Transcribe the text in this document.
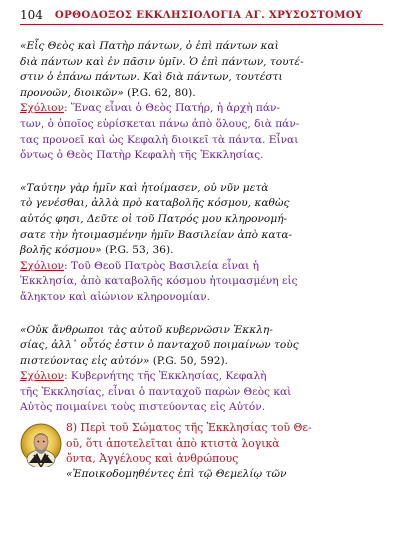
104 ΟΡΘΟΔΟΞΟΣ ΕΚΚΛΗΣΙΟΛΟΓΙΑ ΑΓ. ΧΡΥΣΟΣΤΟΜΟΥ

«Εἷς Θεὸς καὶ Πατὴρ πάντων, ὁ ἐπὶ πάντων καὶ
διὰ πάντων καὶ ἐν πᾶσιν ὑμῖν. Ὁ ἐπὶ πάντων, τουτέ-
στιν ὁ ἐπάνω πάντων. Καὶ διὰ πάντων, τουτέστι
προνοῶν, διοικῶν» (P.G. 62, 80).

Σχόλιον: Ἕνας εἶναι ὁ Θεὸς Πατήρ, ἡ ἀρχὴ πάν-
των, ὁ ὁποῖος εὑρίσκεται πάνω ἀπὸ ὅλους, διὰ πάν-
τας προνοεῖ καὶ ὡς Κεφαλὴ διοικεῖ τὰ πάντα. Εἶναι
ὄντως ὁ Θεὸς Πατὴρ Κεφαλὴ τῆς Ἐκκλησίας.

«Ταύτην γὰρ ἡμῖν καὶ ἡτοίμασεν, οὐ νῦν μετὰ
τὸ γενέσθαι, ἀλλὰ πρὸ καταβολῆς κόσμου, καθὼς
αὐτός φησι, Δεῦτε οἱ τοῦ Πατρός μου κληρονομή-
σατε τὴν ἡτοιμασμένην ἡμῖν Βασιλείαν ἀπὸ κατα-
βολῆς κόσμου» (P.G. 53, 36).

Σχόλιον: Τοῦ Θεοῦ Πατρὸς Βασιλεία εἶναι ἡ
Ἐκκλησία, ἀπὸ καταβολῆς κόσμου ἡτοιμασμένη εἰς
ἄληκτον καὶ αἰώνιον κληρονομίαν.

«Οὐκ ἄνθρωποι τὰς αὐτοῦ κυβερνῶσιν Ἐκκλη-
σίας, ἀλλ᾿ οὗτός ἐστιν ὁ πανταχοῦ ποιμαίνων τοὺς
πιστεύοντας εἰς αὐτόν» (P.G. 50, 592).

Σχόλιον: Κυβερνήτης τῆς Ἐκκλησίας, Κεφαλὴ
τῆς Ἐκκλησίας, εἶναι ὁ πανταχοῦ παρὼν Θεὸς καὶ
Αὐτὸς ποιμαίνει τοὺς πιστεύοντας εἰς Αὐτόν.

8) Περὶ τοῦ Σώματος τῆς Ἐκκλησίας τοῦ Θε-
οῦ, ὅτι ἀποτελεῖται ἀπὸ κτιστὰ λογικὰ
ὄντα, Ἀγγέλους καὶ ἀνθρώπους

«Ἐποικοδομηθέντες ἐπὶ τῷ Θεμελίῳ τῶν
